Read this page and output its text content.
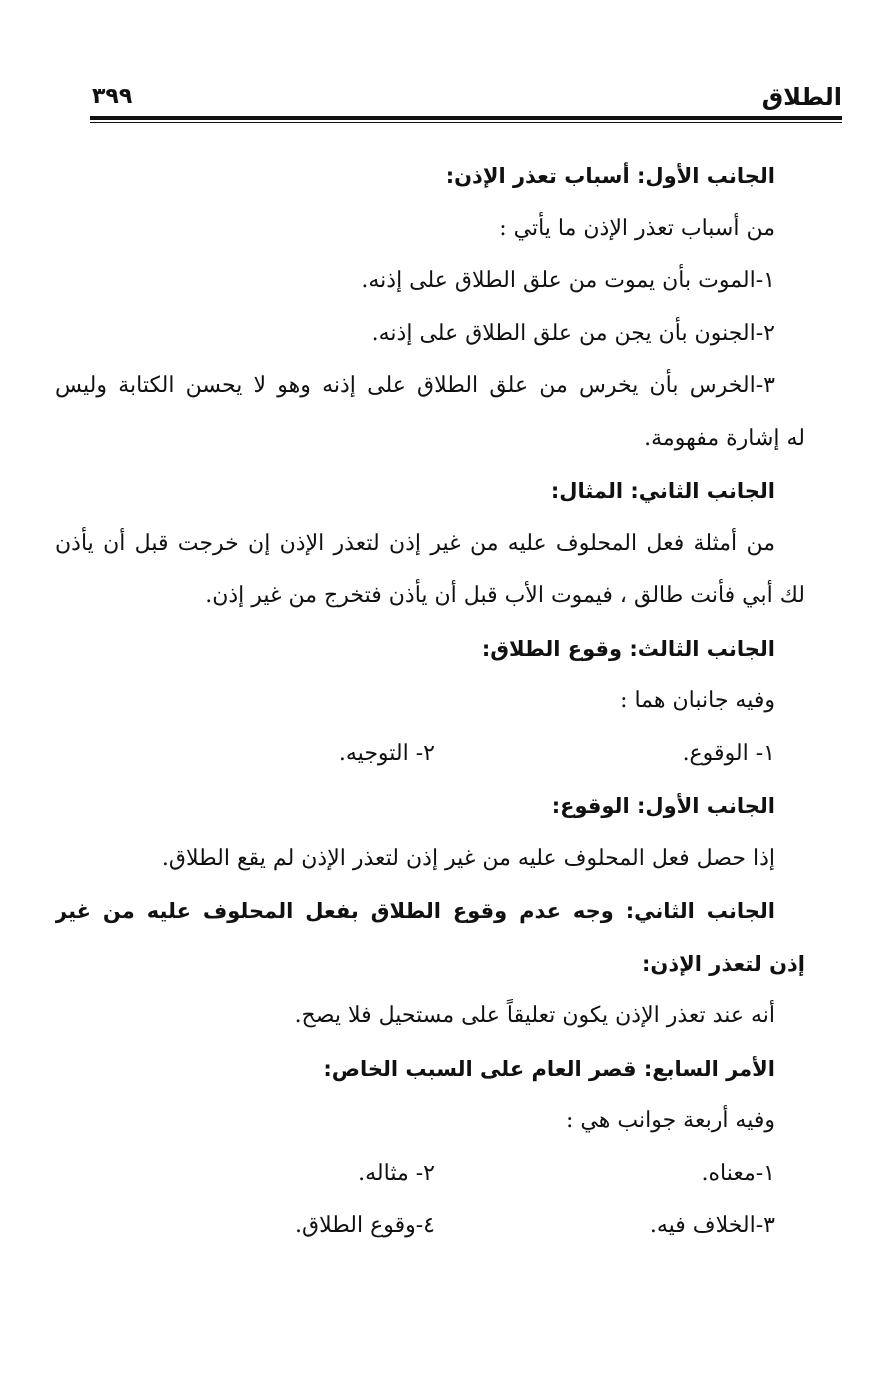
الطلاق
٣٩٩
الجانب الأول: أسباب تعذر الإذن:
من أسباب تعذر الإذن ما يأتي :
١-الموت بأن يموت من علق الطلاق على إذنه.
٢-الجنون بأن يجن من علق الطلاق على إذنه.
٣-الخرس بأن يخرس من علق الطلاق على إذنه وهو لا يحسن الكتابة وليس
له إشارة مفهومة.
الجانب الثاني: المثال:
من أمثلة فعل المحلوف عليه من غير إذن لتعذر الإذن إن خرجت قبل أن يأذن
لك أبي فأنت طالق ، فيموت الأب قبل أن يأذن فتخرج من غير إذن.
الجانب الثالث: وقوع الطلاق:
وفيه جانبان هما :
١- الوقوع.
٢- التوجيه.
الجانب الأول: الوقوع:
إذا حصل فعل المحلوف عليه من غير إذن لتعذر الإذن لم يقع الطلاق.
الجانب الثاني: وجه عدم وقوع الطلاق بفعل المحلوف عليه من غير
إذن لتعذر الإذن:
أنه عند تعذر الإذن يكون تعليقاً على مستحيل فلا يصح.
الأمر السابع: قصر العام على السبب الخاص:
وفيه أربعة جوانب هي :
١-معناه.
٢- مثاله.
٣-الخلاف فيه.
٤-وقوع الطلاق.
